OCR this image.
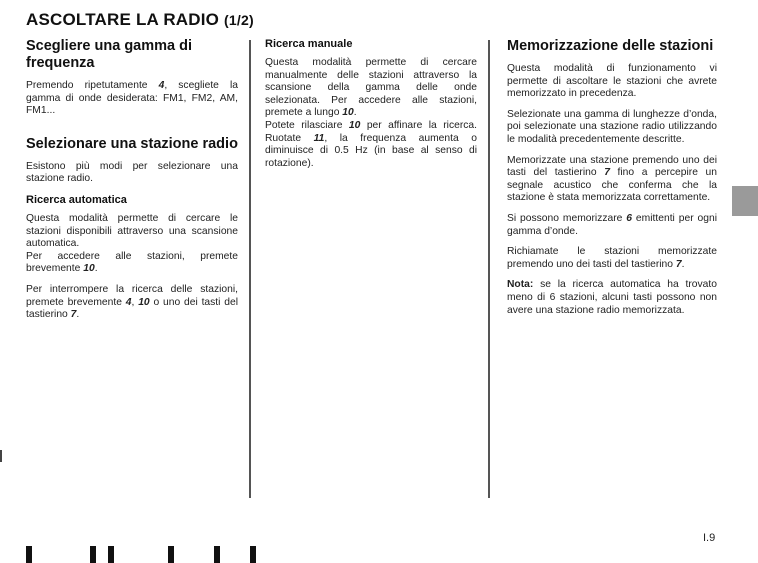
ASCOLTARE LA RADIO (1/2)
Scegliere una gamma di frequenza

Premendo ripetutamente 4, scegliete la gamma di onde desiderata: FM1, FM2, AM, FM1...

Selezionare una stazione radio

Esistono più modi per selezionare una stazione radio.

Ricerca automatica

Questa modalità permette di cercare le stazioni disponibili attraverso una scansione automatica.

Per accedere alle stazioni, premete brevemente 10.

Per interrompere la ricerca delle stazioni, premete brevemente 4, 10 o uno dei tasti del tastierino 7.

Ricerca manuale

Questa modalità permette di cercare manualmente delle stazioni attraverso la scansione della gamma delle onde selezionata. Per accedere alle stazioni, premete a lungo 10.

Potete rilasciare 10 per affinare la ricerca. Ruotate 11, la frequenza aumenta o diminuisce di 0.5 Hz (in base al senso di rotazione).

Memorizzazione delle stazioni

Questa modalità di funzionamento vi permette di ascoltare le stazioni che avrete memorizzato in precedenza.

Selezionate una gamma di lunghezze d’onda, poi selezionate una stazione radio utilizzando le modalità precedentemente descritte.

Memorizzate una stazione premendo uno dei tasti del tastierino 7 fino a percepire un segnale acustico che conferma che la stazione è stata memorizzata correttamente.

Si possono memorizzare 6 emittenti per ogni gamma d’onde.

Richiamate le stazioni memorizzate premendo uno dei tasti del tastierino 7.

Nota: se la ricerca automatica ha trovato meno di 6 stazioni, alcuni tasti possono non avere una stazione radio memorizzata.

I.9
